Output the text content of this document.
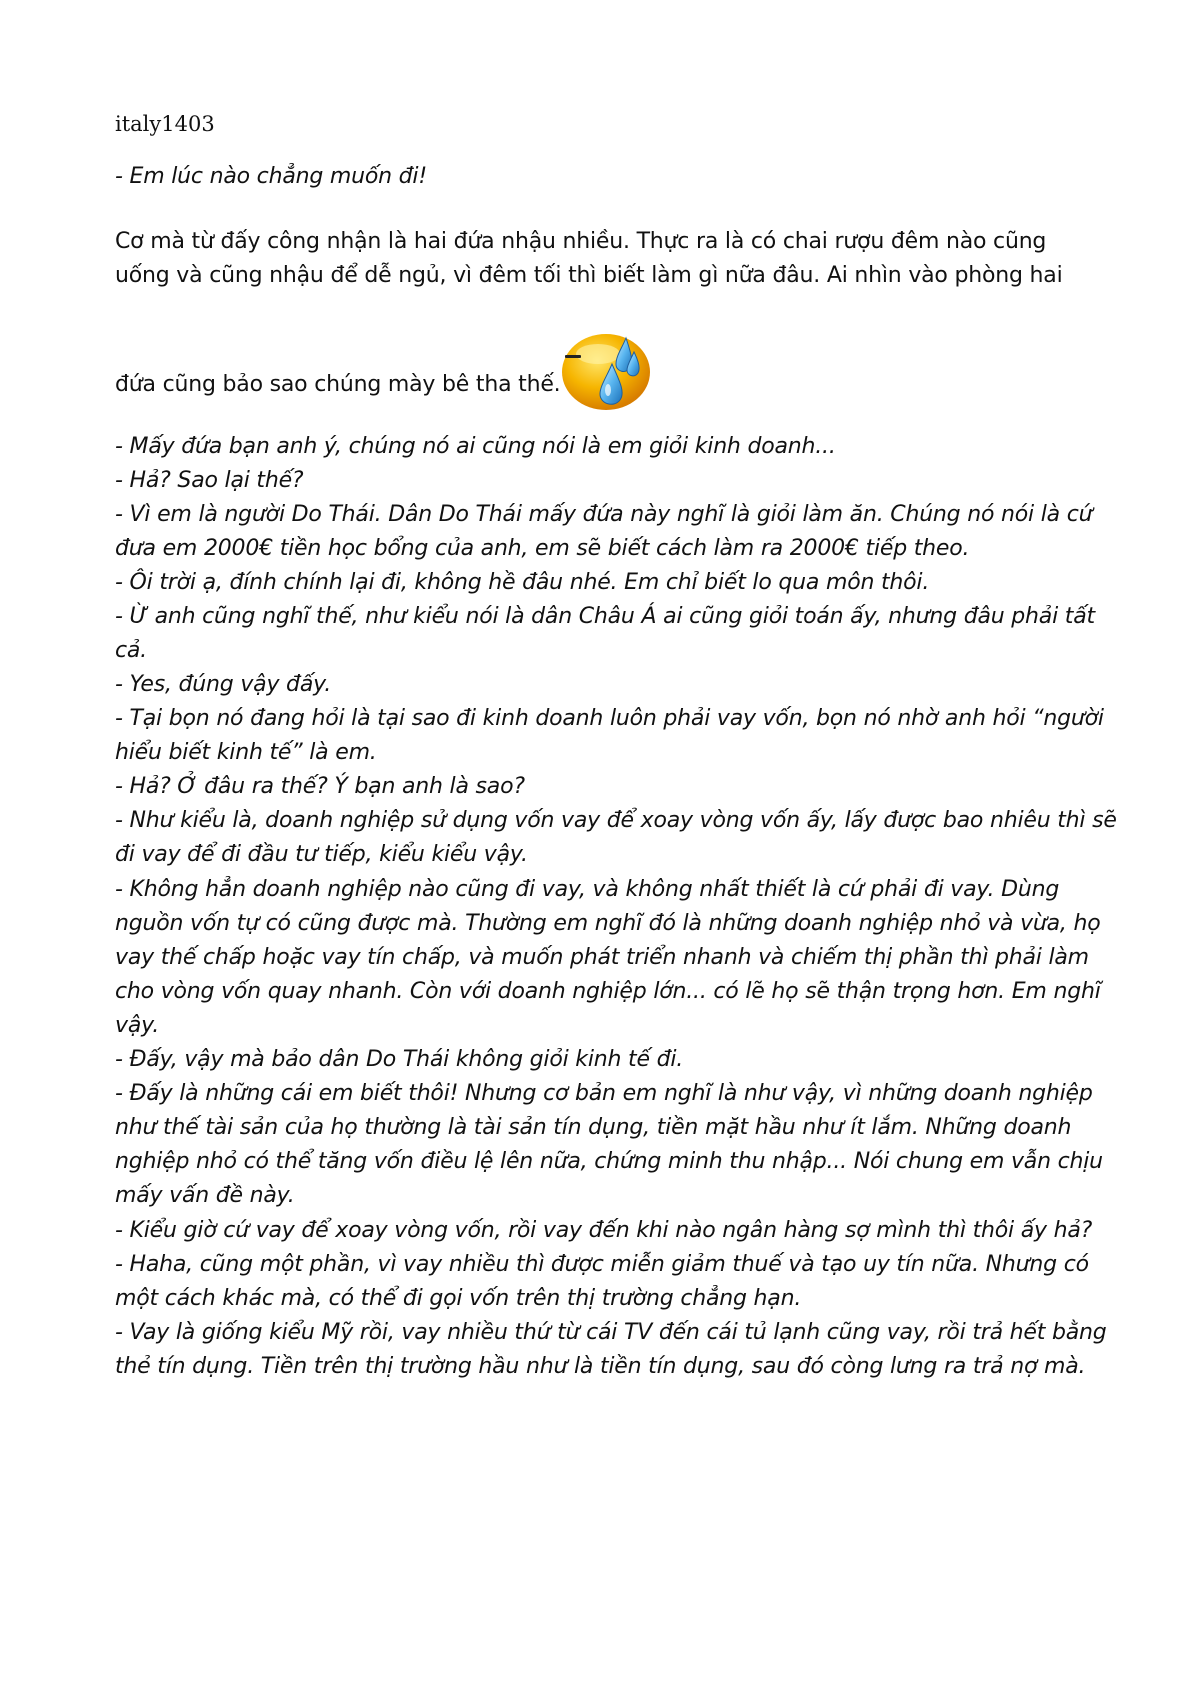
italy1403
- Em lúc nào chẳng muốn đi!
Cơ mà từ đấy công nhận là hai đứa nhậu nhiều. Thực ra là có chai rượu đêm nào cũng
uống và cũng nhậu để dễ ngủ, vì đêm tối thì biết làm gì nữa đâu. Ai nhìn vào phòng hai
đứa cũng bảo sao chúng mày bê tha thế.
- Mấy đứa bạn anh ý, chúng nó ai cũng nói là em giỏi kinh doanh...
- Hả? Sao lại thế?
- Vì em là người Do Thái. Dân Do Thái mấy đứa này nghĩ là giỏi làm ăn. Chúng nó nói là cứ
đưa em 2000€ tiền học bổng của anh, em sẽ biết cách làm ra 2000€ tiếp theo.
- Ôi trời ạ, đính chính lại đi, không hề đâu nhé. Em chỉ biết lo qua môn thôi.
- Ừ anh cũng nghĩ thế, như kiểu nói là dân Châu Á ai cũng giỏi toán ấy, nhưng đâu phải tất
cả.
- Yes, đúng vậy đấy.
- Tại bọn nó đang hỏi là tại sao đi kinh doanh luôn phải vay vốn, bọn nó nhờ anh hỏi “người
hiểu biết kinh tế” là em.
- Hả? Ở đâu ra thế? Ý bạn anh là sao?
- Như kiểu là, doanh nghiệp sử dụng vốn vay để xoay vòng vốn ấy, lấy được bao nhiêu thì sẽ
đi vay để đi đầu tư tiếp, kiểu kiểu vậy.
- Không hẳn doanh nghiệp nào cũng đi vay, và không nhất thiết là cứ phải đi vay. Dùng
nguồn vốn tự có cũng được mà. Thường em nghĩ đó là những doanh nghiệp nhỏ và vừa, họ
vay thế chấp hoặc vay tín chấp, và muốn phát triển nhanh và chiếm thị phần thì phải làm
cho vòng vốn quay nhanh. Còn với doanh nghiệp lớn... có lẽ họ sẽ thận trọng hơn. Em nghĩ
vậy.
- Đấy, vậy mà bảo dân Do Thái không giỏi kinh tế đi.
- Đấy là những cái em biết thôi! Nhưng cơ bản em nghĩ là như vậy, vì những doanh nghiệp
như thế tài sản của họ thường là tài sản tín dụng, tiền mặt hầu như ít lắm. Những doanh
nghiệp nhỏ có thể tăng vốn điều lệ lên nữa, chứng minh thu nhập... Nói chung em vẫn chịu
mấy vấn đề này.
- Kiểu giờ cứ vay để xoay vòng vốn, rồi vay đến khi nào ngân hàng sợ mình thì thôi ấy hả?
- Haha, cũng một phần, vì vay nhiều thì được miễn giảm thuế và tạo uy tín nữa. Nhưng có
một cách khác mà, có thể đi gọi vốn trên thị trường chẳng hạn.
- Vay là giống kiểu Mỹ rồi, vay nhiều thứ từ cái TV đến cái tủ lạnh cũng vay, rồi trả hết bằng
thẻ tín dụng. Tiền trên thị trường hầu như là tiền tín dụng, sau đó còng lưng ra trả nợ mà.
